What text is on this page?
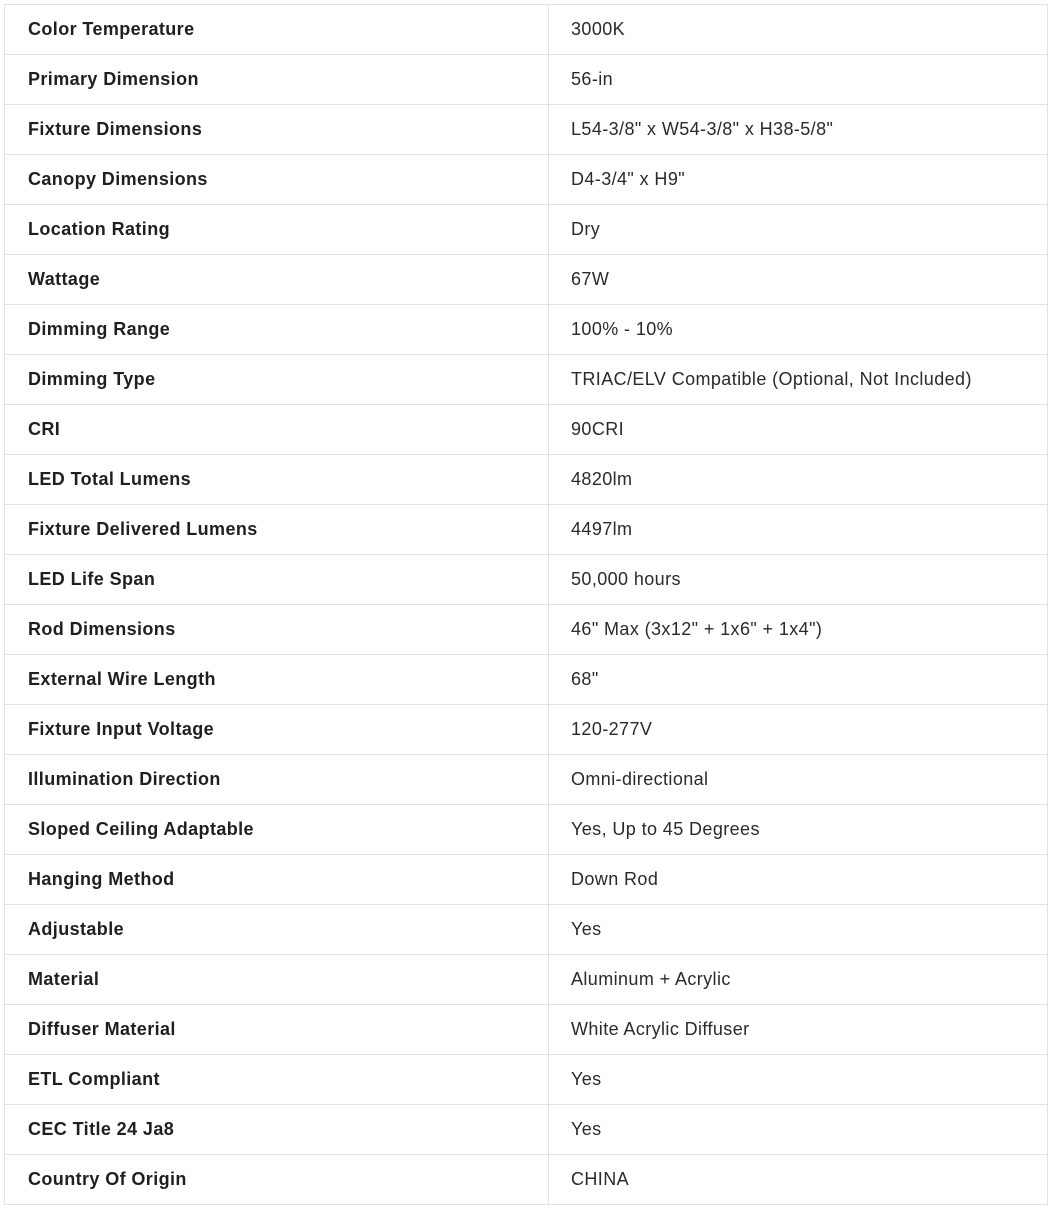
Color Temperature	3000K
Primary Dimension	56-in
Fixture Dimensions	L54-3/8" x W54-3/8" x H38-5/8"
Canopy Dimensions	D4-3/4" x H9"
Location Rating	Dry
Wattage	67W
Dimming Range	100% - 10%
Dimming Type	TRIAC/ELV Compatible (Optional, Not Included)
CRI	90CRI
LED Total Lumens	4820lm
Fixture Delivered Lumens	4497lm
LED Life Span	50,000 hours
Rod Dimensions	46" Max (3x12" + 1x6" + 1x4")
External Wire Length	68"
Fixture Input Voltage	120-277V
Illumination Direction	Omni-directional
Sloped Ceiling Adaptable	Yes, Up to 45 Degrees
Hanging Method	Down Rod
Adjustable	Yes
Material	Aluminum + Acrylic
Diffuser Material	White Acrylic Diffuser
ETL Compliant	Yes
CEC Title 24 Ja8	Yes
Country Of Origin	CHINA
